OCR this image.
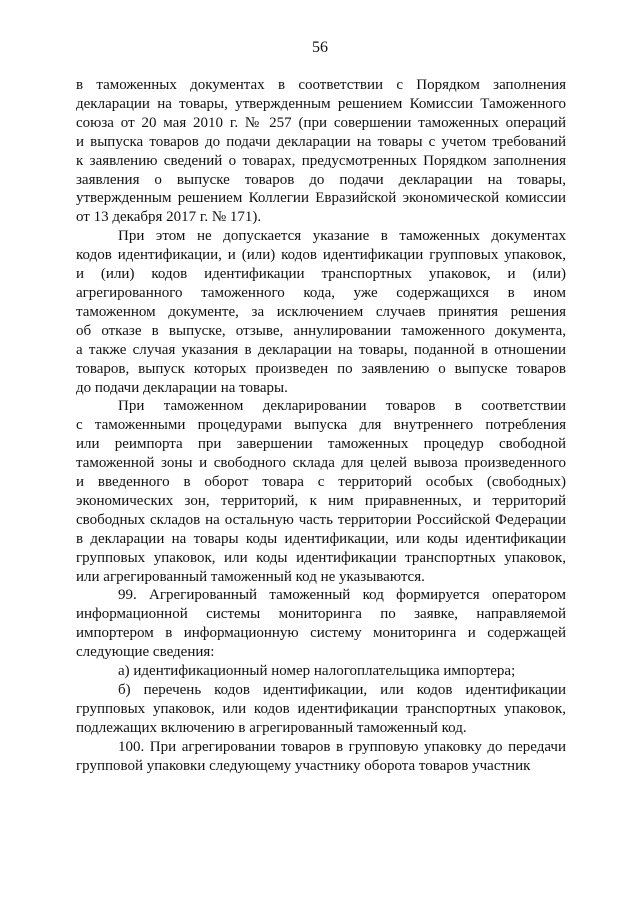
56
в таможенных документах в соответствии с Порядком заполнения
декларации на товары, утвержденным решением Комиссии Таможенного
союза от 20 мая 2010 г. № 257 (при совершении таможенных операций
и выпуска товаров до подачи декларации на товары с учетом требований
к заявлению сведений о товарах, предусмотренных Порядком заполнения
заявления о выпуске товаров до подачи декларации на товары,
утвержденным решением Коллегии Евразийской экономической комиссии
от 13 декабря 2017 г. № 171).
При этом не допускается указание в таможенных документах
кодов идентификации, и (или) кодов идентификации групповых упаковок,
и (или) кодов идентификации транспортных упаковок, и (или)
агрегированного таможенного кода, уже содержащихся в ином
таможенном документе, за исключением случаев принятия решения
об отказе в выпуске, отзыве, аннулировании таможенного документа,
а также случая указания в декларации на товары, поданной в отношении
товаров, выпуск которых произведен по заявлению о выпуске товаров
до подачи декларации на товары.
При таможенном декларировании товаров в соответствии
с таможенными процедурами выпуска для внутреннего потребления
или реимпорта при завершении таможенных процедур свободной
таможенной зоны и свободного склада для целей вывоза произведенного
и введенного в оборот товара с территорий особых (свободных)
экономических зон, территорий, к ним приравненных, и территорий
свободных складов на остальную часть территории Российской Федерации
в декларации на товары коды идентификации, или коды идентификации
групповых упаковок, или коды идентификации транспортных упаковок,
или агрегированный таможенный код не указываются.
99. Агрегированный таможенный код формируется оператором
информационной системы мониторинга по заявке, направляемой
импортером в информационную систему мониторинга и содержащей
следующие сведения:
а) идентификационный номер налогоплательщика импортера;
б) перечень кодов идентификации, или кодов идентификации
групповых упаковок, или кодов идентификации транспортных упаковок,
подлежащих включению в агрегированный таможенный код.
100. При агрегировании товаров в групповую упаковку до передачи
групповой упаковки следующему участнику оборота товаров участник
